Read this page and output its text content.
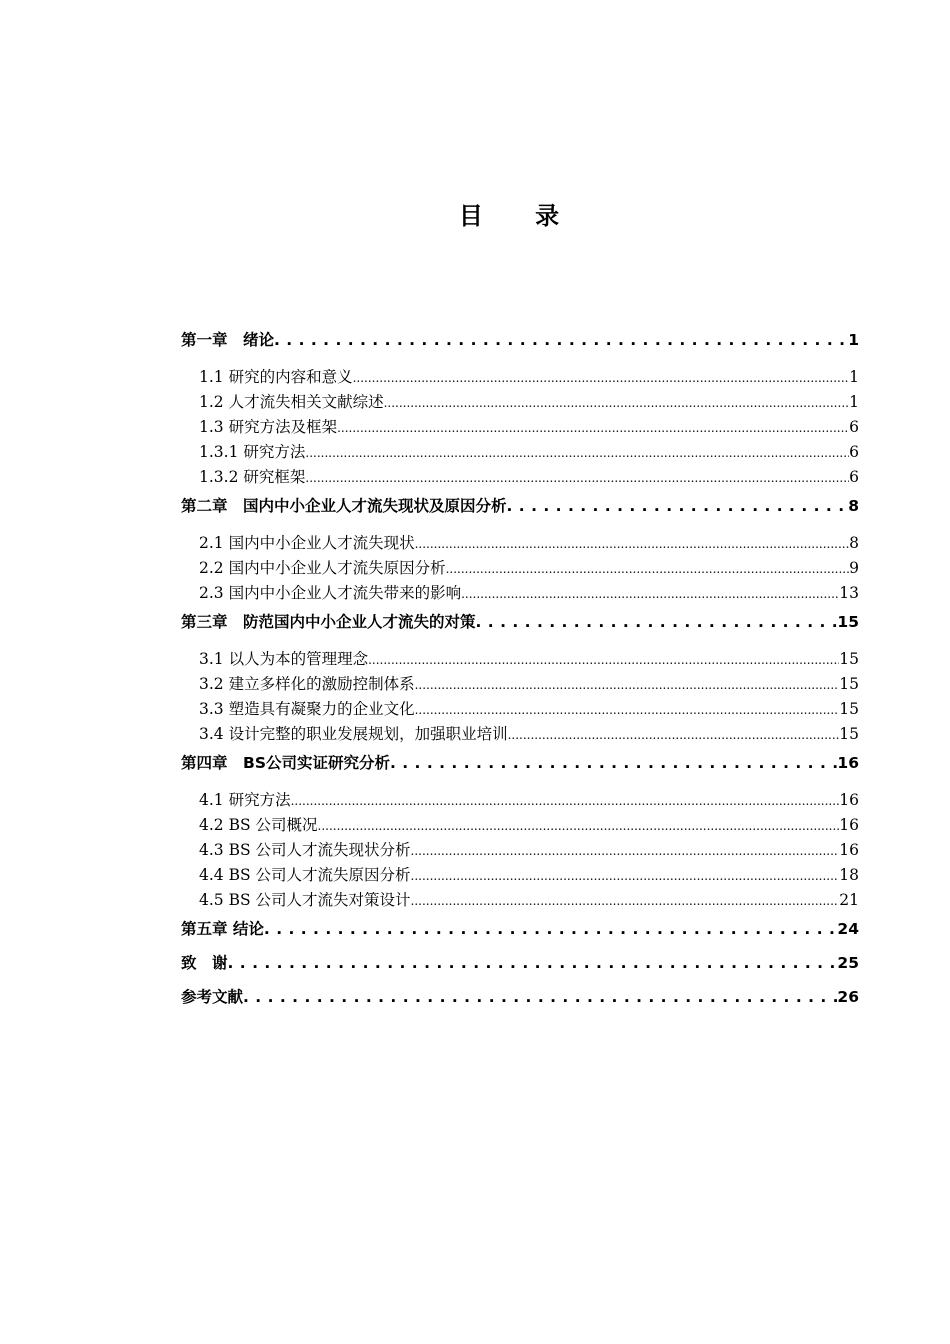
目 录
第一章　绪论 . . .	1
1.1 研究的内容和意义 .....	1
1.2 人才流失相关文献综述 .....	1
1.3 研究方法及框架 .....	6
1.3.1 研究方法 .....	6
1.3.2 研究框架 .....	6
第二章　国内中小企业人才流失现状及原因分析 . . .	8
2.1 国内中小企业人才流失现状 .....	8
2.2 国内中小企业人才流失原因分析 .....	9
2.3 国内中小企业人才流失带来的影响 .....	13
第三章　防范国内中小企业人才流失的对策 . . .	15
3.1 以人为本的管理理念 .....	15
3.2 建立多样化的激励控制体系 .....	15
3.3 塑造具有凝聚力的企业文化 .....	15
3.4 设计完整的职业发展规划，加强职业培训 .....	15
第四章　BS公司实证研究分析 . . .	16
4.1 研究方法 .....	16
4.2 BS 公司概况 .....	16
4.3 BS 公司人才流失现状分析 .....	16
4.4 BS 公司人才流失原因分析 .....	18
4.5 BS 公司人才流失对策设计 .....	21
第五章 结论 . . .	24
致　谢 . . .	25
参考文献 . . .	26
